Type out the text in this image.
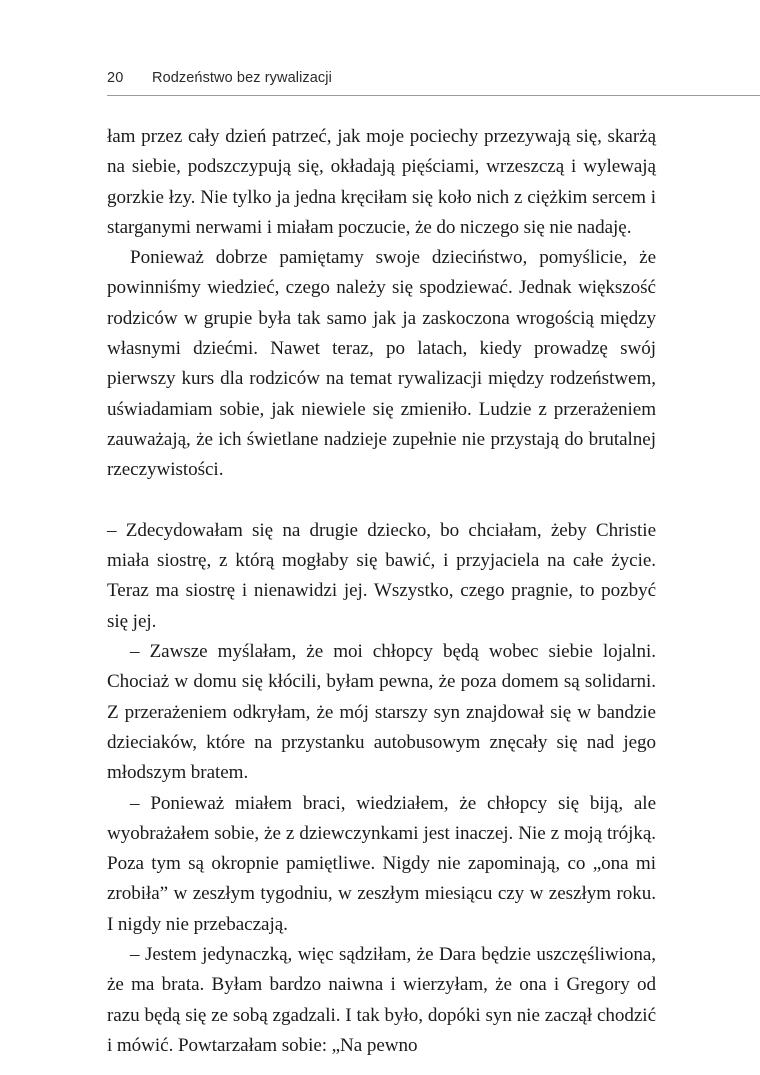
20 Rodzeństwo bez rywalizacji

łam przez cały dzień patrzeć, jak moje pociechy przezywają się, skarżą na siebie, podszczypują się, okładają pięściami, wrzeszczą i wylewają gorzkie łzy. Nie tylko ja jedna kręciłam się koło nich z ciężkim sercem i starganymi nerwami i miałam poczucie, że do niczego się nie nadaję.

Ponieważ dobrze pamiętamy swoje dzieciństwo, pomyślicie, że powinniśmy wiedzieć, czego należy się spodziewać. Jednak większość rodziców w grupie była tak samo jak ja zaskoczona wrogością między własnymi dziećmi. Nawet teraz, po latach, kiedy prowadzę swój pierwszy kurs dla rodziców na temat rywalizacji między rodzeństwem, uświadamiam sobie, jak niewiele się zmieniło. Ludzie z przerażeniem zauważają, że ich świetlane nadzieje zupełnie nie przystają do brutalnej rzeczywistości.

– Zdecydowałam się na drugie dziecko, bo chciałam, żeby Christie miała siostrę, z którą mogłaby się bawić, i przyjaciela na całe życie. Teraz ma siostrę i nienawidzi jej. Wszystko, czego pragnie, to pozbyć się jej.

– Zawsze myślałam, że moi chłopcy będą wobec siebie lojalni. Chociaż w domu się kłócili, byłam pewna, że poza domem są solidarni. Z przerażeniem odkryłam, że mój starszy syn znajdował się w bandzie dzieciaków, które na przystanku autobusowym znęcały się nad jego młodszym bratem.

– Ponieważ miałem braci, wiedziałem, że chłopcy się biją, ale wyobrażałem sobie, że z dziewczynkami jest inaczej. Nie z moją trójką. Poza tym są okropnie pamiętliwe. Nigdy nie zapominają, co „ona mi zrobiła” w zeszłym tygodniu, w zeszłym miesiącu czy w zeszłym roku. I nigdy nie przebaczają.

– Jestem jedynaczką, więc sądziłam, że Dara będzie uszczęśliwiona, że ma brata. Byłam bardzo naiwna i wierzyłam, że ona i Gregory od razu będą się ze sobą zgadzali. I tak było, dopóki syn nie zaczął chodzić i mówić. Powtarzałam sobie: „Na pewno
